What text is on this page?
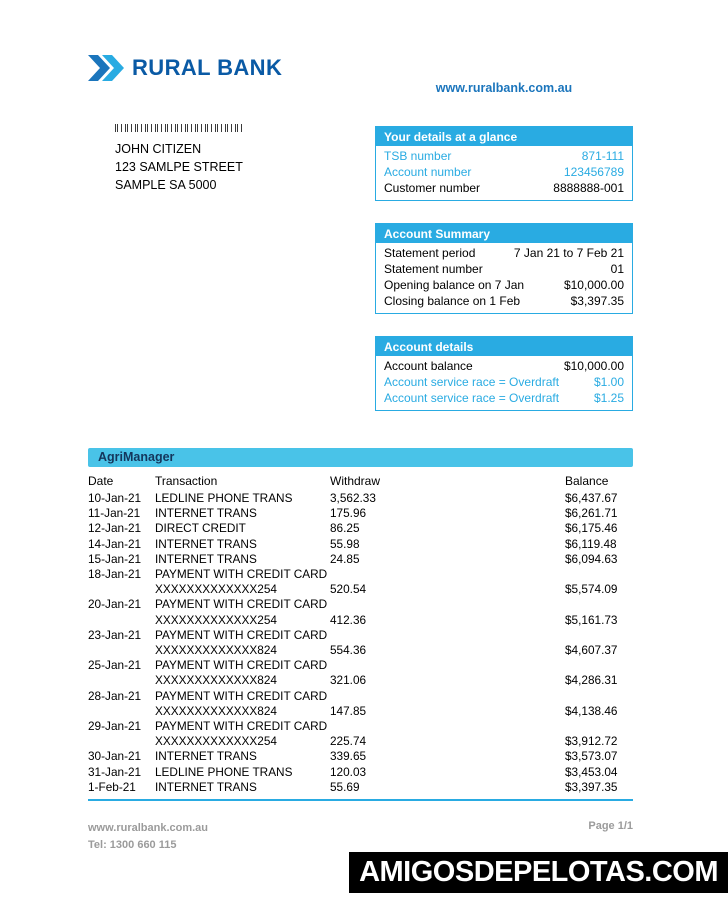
RURAL BANK
www.ruralbank.com.au
JOHN CITIZEN
123 SAMLPE STREET
SAMPLE SA 5000
Your details at a glance
TSB number	871-111
Account number	123456789
Customer number	8888888-001
Account Summary
Statement period	7 Jan 21 to 7 Feb 21
Statement number	01
Opening balance on 7 Jan	$10,000.00
Closing balance on 1 Feb	$3,397.35
Account details
Account balance	$10,000.00
Account service race = Overdraft	$1.00
Account service race = Overdraft	$1.25
AgriManager
Date	Transaction	Withdraw	Balance
10-Jan-21	LEDLINE PHONE TRANS	3,562.33	$6,437.67
11-Jan-21	INTERNET TRANS	175.96	$6,261.71
12-Jan-21	DIRECT CREDIT	86.25	$6,175.46
14-Jan-21	INTERNET TRANS	55.98	$6,119.48
15-Jan-21	INTERNET TRANS	24.85	$6,094.63
18-Jan-21	PAYMENT WITH CREDIT CARD
XXXXXXXXXXXXX254	520.54	$5,574.09
20-Jan-21	PAYMENT WITH CREDIT CARD
XXXXXXXXXXXXX254	412.36	$5,161.73
23-Jan-21	PAYMENT WITH CREDIT CARD
XXXXXXXXXXXXX824	554.36	$4,607.37
25-Jan-21	PAYMENT WITH CREDIT CARD
XXXXXXXXXXXXX824	321.06	$4,286.31
28-Jan-21	PAYMENT WITH CREDIT CARD
XXXXXXXXXXXXX824	147.85	$4,138.46
29-Jan-21	PAYMENT WITH CREDIT CARD
XXXXXXXXXXXXX254	225.74	$3,912.72
30-Jan-21	INTERNET TRANS	339.65	$3,573.07
31-Jan-21	LEDLINE PHONE TRANS	120.03	$3,453.04
1-Feb-21	INTERNET TRANS	55.69	$3,397.35
www.ruralbank.com.au
Tel: 1300 660 115
Page 1/1
AMIGOSDEPELOTAS.COM
